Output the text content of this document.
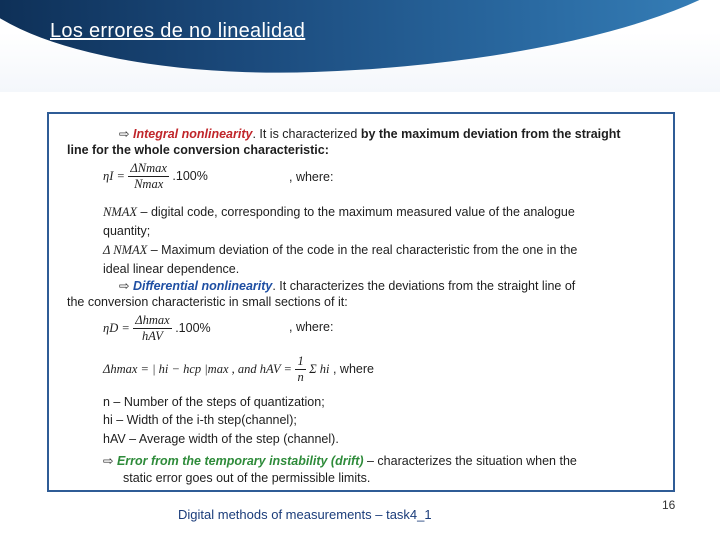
Los errores de no linealidad
⇨ Integral nonlinearity. It is characterized by the maximum deviation from the straight
line for the whole conversion characteristic:
$\eta I = \frac{\Delta Nmax}{Nmax} .100\%$	, where:
NMAX – digital code, corresponding to the maximum measured value of the analogue
quantity;
Δ NMAX – Maximum deviation of the code in the real characteristic from the one in the
ideal linear dependence.
⇨ Differential nonlinearity. It characterizes the deviations from the straight line of
the conversion characteristic in small sections of it:
$\eta D = \frac{\Delta hmax}{\text{hAV}} .100\%$	, where:
Δhmax = | hi − hcp |max , and hAV = $\frac{1}{n}$ Σ hi , where
n – Number of the steps of quantization;
hi – Width of the i-th step(channel);
hAV – Average width of the step (channel).
⇨ Error from the temporary instability (drift) – characterizes the situation when the
static error goes out of the permissible limits.
Digital methods of measurements – task4_1
16
